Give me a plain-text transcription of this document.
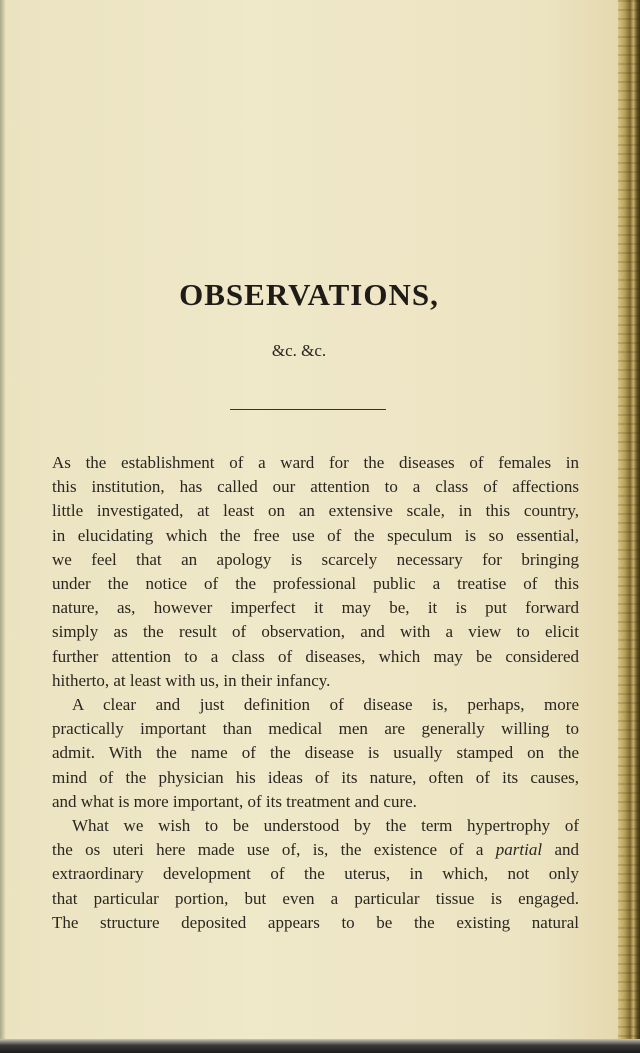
OBSERVATIONS,
&c. &c.

As the establishment of a ward for the diseases of females in

this institution, has called our attention to a class of affections

little investigated, at least on an extensive scale, in this country,

in elucidating which the free use of the speculum is so essential,

we feel that an apology is scarcely necessary for bringing

under the notice of the professional public a treatise of this

nature, as, however imperfect it may be, it is put forward

simply as the result of observation, and with a view to elicit

further attention to a class of diseases, which may be considered

hitherto, at least with us, in their infancy.

A clear and just definition of disease is, perhaps, more

practically important than medical men are generally willing to

admit. With the name of the disease is usually stamped on the

mind of the physician his ideas of its nature, often of its causes,

and what is more important, of its treatment and cure.

What we wish to be understood by the term hypertrophy of

the os uteri here made use of, is, the existence of a partial and

extraordinary development of the uterus, in which, not only

that particular portion, but even a particular tissue is engaged.

The structure deposited appears to be the existing natural
